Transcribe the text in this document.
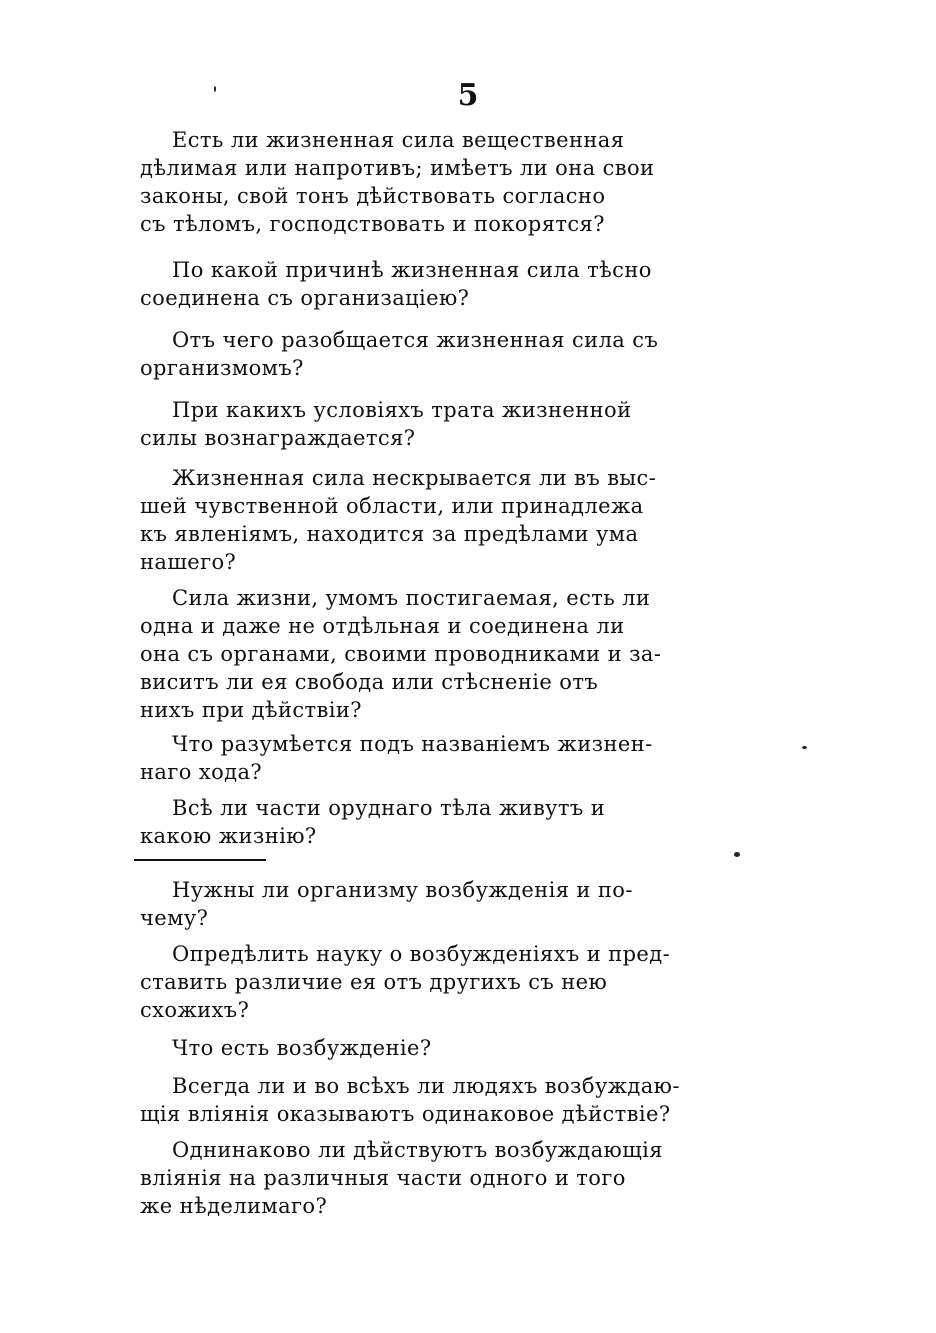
5
Есть ли жизненная сила вещественная
дѣлимая или напротивъ; имѣетъ ли она свои
законы, свой тонъ дѣйствовать согласно
съ тѣломъ, господствовать и покорятся?
По какой причинѣ жизненная сила тѣсно
соединена съ организацiею?
Отъ чего разобщается жизненная сила съ
организмомъ?
При какихъ условiяхъ трата жизненной
силы вознаграждается?
Жизненная сила нескрывается ли въ выс-
шей чувственной области, или принадлежа
къ явленiямъ, находится за предѣлами ума
нашего?
Сила жизни, умомъ постигаемая, есть ли
одна и даже не отдѣльная и соединена ли
она съ органами, своими проводниками и за-
виситъ ли ея свобода или стѣсненiе отъ
нихъ при дѣйствiи?
Что разумѣется подъ названiемъ жизнен-
наго хода?
Всѣ ли части оруднаго тѣла живутъ и
какою жизнiю?
Нужны ли организму возбужденiя и по-
чему?
Опредѣлить науку о возбужденiяхъ и пред-
ставить различие ея отъ другихъ съ нею
схожихъ?
Что есть возбужденiе?
Всегда ли и во всѣхъ ли людяхъ возбуждаю-
щiя влiянiя оказываютъ одинаковое дѣйствiе?
Однинаково ли дѣйствуютъ возбуждающiя
влiянiя на различныя части одного и того
же нѣделимаго?
